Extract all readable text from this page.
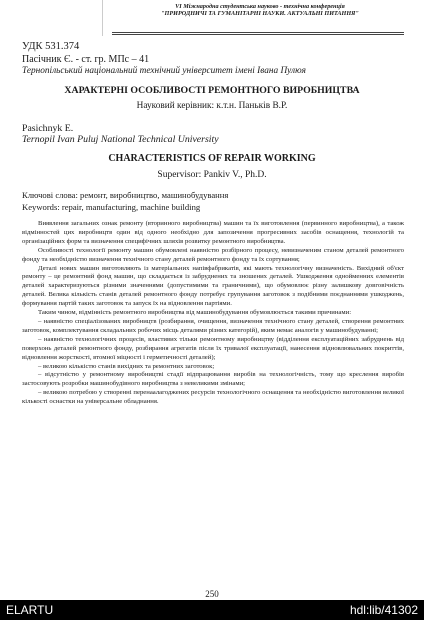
VI Міжнародна студентська науково - технічна конференція
"ПРИРОДНИЧІ ТА ГУМАНІТАРНІ НАУКИ. АКТУАЛЬНІ ПИТАННЯ"
УДК 531.374
Пасічник Є. - ст. гр. МПс – 41
Тернопільський національний технічний університет імені Івана Пулюя
ХАРАКТЕРНІ ОСОБЛИВОСТІ РЕМОНТНОГО ВИРОБНИЦТВА
Науковий керівник: к.т.н. Паньків В.Р.
Pasichnyk E.
Ternopil Ivan Puluj National Technical University
CHARACTERISTICS OF REPAIR WORKING
Supervisor: Pankiv V., Ph.D.
Ключові слова: ремонт, виробництво, машинобудування
Keywords: repair, manufacturing, machine building

Виявлення загальних ознак ремонту (вторинного виробництва) машин та їх виготовлення (первинного виробництва), а також відмінностей цих виробництв один від одного необхідно для запозичення прогресивних засобів оснащення, технологій та організаційних форм та визначення специфічних шляхів розвитку ремонтного виробництва.

Особливості технології ремонту машин обумовлені наявністю розбірного процесу, невизначеним станом деталей ремонтного фонду та необхідністю визначення технічного стану деталей ремонтного фонду та їх сортування;

Деталі нових машин виготовляють із матеріальних напівфабрикатів, які мають технологічну визначеність. Вихідний об'єкт ремонту – це ремонтний фонд машин, що складається із забруднених та зношених деталей. Ушкодження однойменних елементів деталей характеризуються різними значеннями (допустимими та граничними), що обумовлює різну залишкову довговічність деталей. Велика кількість станів деталей ремонтного фонду потребує групування заготовок з подібними поєднаннями ушкоджень, формування партій таких заготовок та запуск їх на відновлення партіями.

Таким чином, відмінність ремонтного виробництва від машинобудування обумовлюється такими причинами:

– наявністю спеціалізованих виробництв (розбирання, очищення, визначення технічного стану деталей, створення ремонтних заготовок, комплектування складальних робочих місць деталями різних категорій), яким немає аналогів у машинобудуванні;

– наявністю технологічних процесів, властивих тільки ремонтному виробництву (відділення експлуатаційних забруднень від поверхонь деталей ремонтного фонду, розбирання агрегатів після їх тривалої експлуатації, нанесення відновлювальних покриттів, відновлення жорсткості, втомної міцності і герметичності деталей);

– великою кількістю станів вихідних та ремонтних заготовок;

– відсутністю у ремонтному виробництві стадії відпрацювання виробів на технологічність, тому що креслення виробів застосовують розробки машинобудівного виробництва з невеликими змінами;

– великою потребою у створенні перенаалагоджених ресурсів технологічного оснащення та необхідністю виготовлення великої кількості оснастки на універсальне обладнання.

250
ELARTU	hdl:lib/41302
